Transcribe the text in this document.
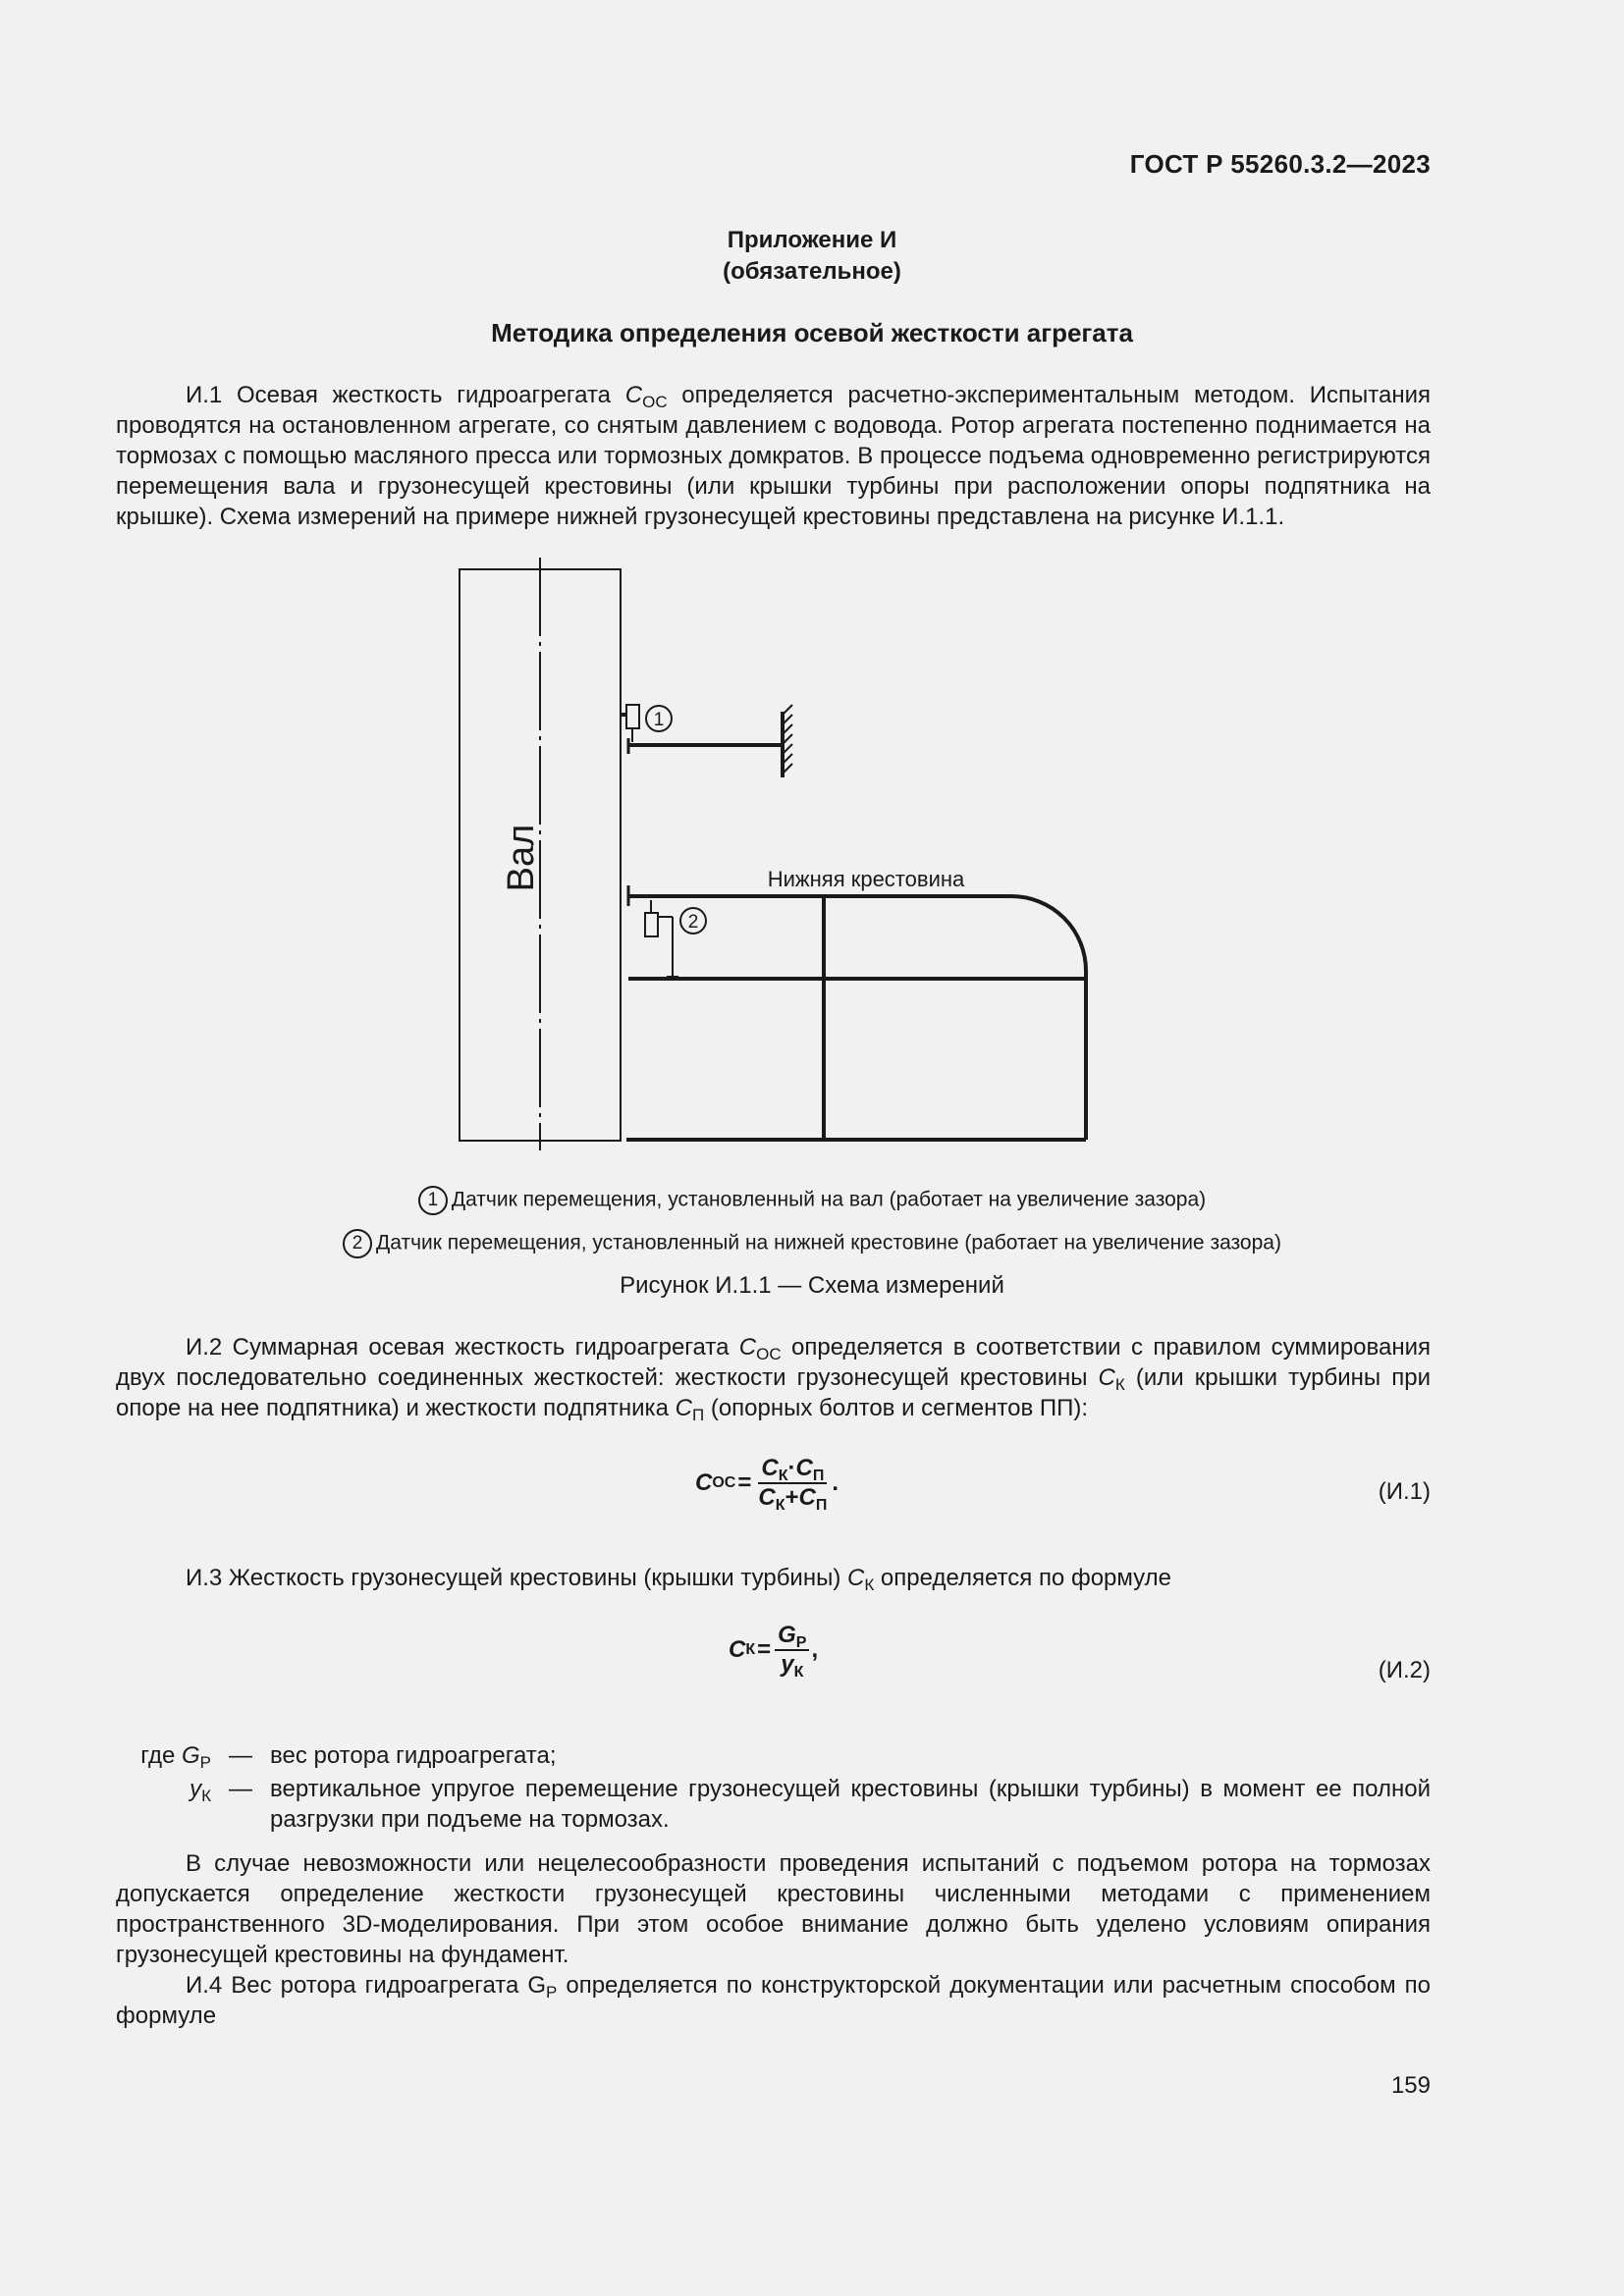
ГОСТ Р 55260.3.2—2023
Приложение И
(обязательное)
Методика определения осевой жесткости агрегата
И.1 Осевая жесткость гидроагрегата $C_{ОС}$ определяется расчетно-экспериментальным методом. Испытания проводятся на остановленном агрегате, со снятым давлением с водовода. Ротор агрегата постепенно поднимается на тормозах с помощью масляного пресса или тормозных домкратов. В процессе подъема одновременно регистрируются перемещения вала и грузонесущей крестовины (или крышки турбины при расположении опоры подпятника на крышке). Схема измерений на примере нижней грузонесущей крестовины представлена на рисунке И.1.1.
1
2
Нижняя крестовина
Вал
1 Датчик перемещения, установленный на вал (работает на увеличение зазора)
2 Датчик перемещения, установленный на нижней крестовине (работает на увеличение зазора)
Рисунок И.1.1 — Схема измерений
И.2 Суммарная осевая жесткость гидроагрегата $C_{ОС}$ определяется в соответствии с правилом суммирования двух последовательно соединенных жесткостей: жесткости грузонесущей крестовины $C_К$ (или крышки турбины при опоре на нее подпятника) и жесткости подпятника $C_П$ (опорных болтов и сегментов ПП):
C ОС = $\frac{C_К\cdot C_П}{C_К+C_П}$ .	(И.1)
И.3 Жесткость грузонесущей крестовины (крышки турбины) $C_К$ определяется по формуле
C $К = \frac{G_P}{y_К}$ ,
(И.2)
где $G_P$ — вес ротора гидроагрегата;
$y_К$ — вертикальное упругое перемещение грузонесущей крестовины (крышки турбины) в момент ее полной разгрузки при подъеме на тормозах.
В случае невозможности или нецелесообразности проведения испытаний с подъемом ротора на тормозах допускается определение жесткости грузонесущей крестовины численными методами с применением пространственного 3D-моделирования. При этом особое внимание должно быть уделено условиям опирания грузонесущей крестовины на фундамент.
И.4 Вес ротора гидроагрегата $G_P$ определяется по конструкторской документации или расчетным способом по формуле
159
